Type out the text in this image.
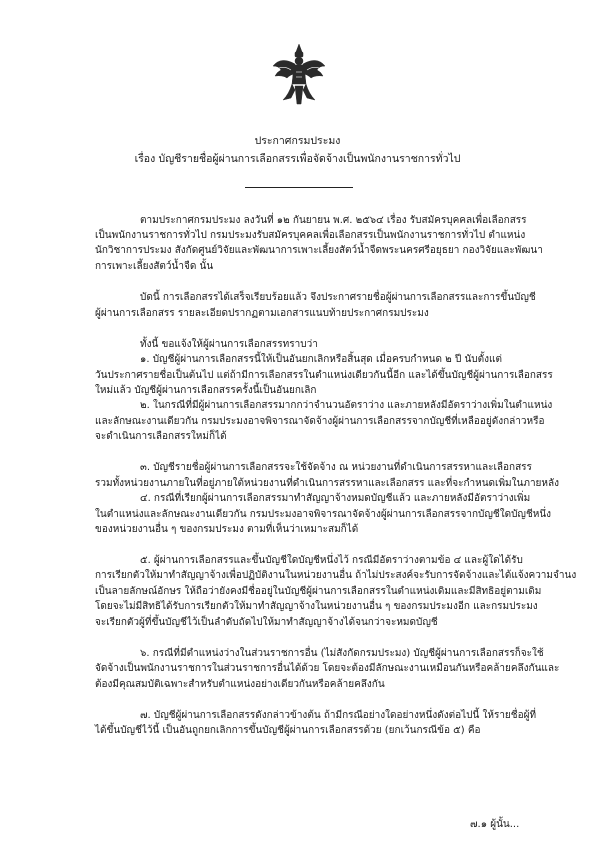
ประกาศกรมประมง
เรื่อง บัญชีรายชื่อผู้ผ่านการเลือกสรรเพื่อจัดจ้างเป็นพนักงานราชการทั่วไป
ตามประกาศกรมประมง ลงวันที่ ๑๒ กันยายน พ.ศ. ๒๕๖๔ เรื่อง รับสมัครบุคคลเพื่อเลือกสรร
เป็นพนักงานราชการทั่วไป กรมประมงรับสมัครบุคคลเพื่อเลือกสรรเป็นพนักงานราชการทั่วไป ตำแหน่ง
นักวิชาการประมง สังกัดศูนย์วิจัยและพัฒนาการเพาะเลี้ยงสัตว์น้ำจืดพระนครศรีอยุธยา กองวิจัยและพัฒนา
การเพาะเลี้ยงสัตว์น้ำจืด นั้น
บัดนี้ การเลือกสรรได้เสร็จเรียบร้อยแล้ว จึงประกาศรายชื่อผู้ผ่านการเลือกสรรและการขึ้นบัญชี
ผู้ผ่านการเลือกสรร รายละเอียดปรากฏตามเอกสารแนบท้ายประกาศกรมประมง
ทั้งนี้ ขอแจ้งให้ผู้ผ่านการเลือกสรรทราบว่า
๑. บัญชีผู้ผ่านการเลือกสรรนี้ให้เป็นอันยกเลิกหรือสิ้นสุด เมื่อครบกำหนด ๒ ปี นับตั้งแต่
วันประกาศรายชื่อเป็นต้นไป แต่ถ้ามีการเลือกสรรในตำแหน่งเดียวกันนี้อีก และได้ขึ้นบัญชีผู้ผ่านการเลือกสรร
ใหม่แล้ว บัญชีผู้ผ่านการเลือกสรรครั้งนี้เป็นอันยกเลิก
๒. ในกรณีที่มีผู้ผ่านการเลือกสรรมากกว่าจำนวนอัตราว่าง และภายหลังมีอัตราว่างเพิ่มในตำแหน่ง
และลักษณะงานเดียวกัน กรมประมงอาจพิจารณาจัดจ้างผู้ผ่านการเลือกสรรจากบัญชีที่เหลืออยู่ดังกล่าวหรือ
จะดำเนินการเลือกสรรใหม่ก็ได้
๓. บัญชีรายชื่อผู้ผ่านการเลือกสรรจะใช้จัดจ้าง ณ หน่วยงานที่ดำเนินการสรรหาและเลือกสรร
รวมทั้งหน่วยงานภายในที่อยู่ภายใต้หน่วยงานที่ดำเนินการสรรหาและเลือกสรร และที่จะกำหนดเพิ่มในภายหลัง
๔. กรณีที่เรียกผู้ผ่านการเลือกสรรมาทำสัญญาจ้างหมดบัญชีแล้ว และภายหลังมีอัตราว่างเพิ่ม
ในตำแหน่งและลักษณะงานเดียวกัน กรมประมงอาจพิจารณาจัดจ้างผู้ผ่านการเลือกสรรจากบัญชีใดบัญชีหนึ่ง
ของหน่วยงานอื่น ๆ ของกรมประมง ตามที่เห็นว่าเหมาะสมก็ได้
๕. ผู้ผ่านการเลือกสรรและขึ้นบัญชีใดบัญชีหนึ่งไว้ กรณีมีอัตราว่างตามข้อ ๔ และผู้ใดได้รับ
การเรียกตัวให้มาทำสัญญาจ้างเพื่อปฏิบัติงานในหน่วยงานอื่น ถ้าไม่ประสงค์จะรับการจัดจ้างและได้แจ้งความจำนง
เป็นลายลักษณ์อักษร ให้ถือว่ายังคงมีชื่ออยู่ในบัญชีผู้ผ่านการเลือกสรรในตำแหน่งเดิมและมีสิทธิอยู่ตามเดิม
โดยจะไม่มีสิทธิได้รับการเรียกตัวให้มาทำสัญญาจ้างในหน่วยงานอื่น ๆ ของกรมประมงอีก และกรมประมง
จะเรียกตัวผู้ที่ขึ้นบัญชีไว้เป็นลำดับถัดไปให้มาทำสัญญาจ้างได้จนกว่าจะหมดบัญชี
๖. กรณีที่มีตำแหน่งว่างในส่วนราชการอื่น (ไม่สังกัดกรมประมง) บัญชีผู้ผ่านการเลือกสรรก็จะใช้
จัดจ้างเป็นพนักงานราชการในส่วนราชการอื่นได้ด้วย โดยจะต้องมีลักษณะงานเหมือนกันหรือคล้ายคลึงกันและ
ต้องมีคุณสมบัติเฉพาะสำหรับตำแหน่งอย่างเดียวกันหรือคล้ายคลึงกัน
๗. บัญชีผู้ผ่านการเลือกสรรดังกล่าวข้างต้น ถ้ามีกรณีอย่างใดอย่างหนึ่งดังต่อไปนี้ ให้รายชื่อผู้ที่
ได้ขึ้นบัญชีไว้นี้ เป็นอันถูกยกเลิกการขึ้นบัญชีผู้ผ่านการเลือกสรรด้วย (ยกเว้นกรณีข้อ ๕) คือ
๗.๑ ผู้นั้น...
